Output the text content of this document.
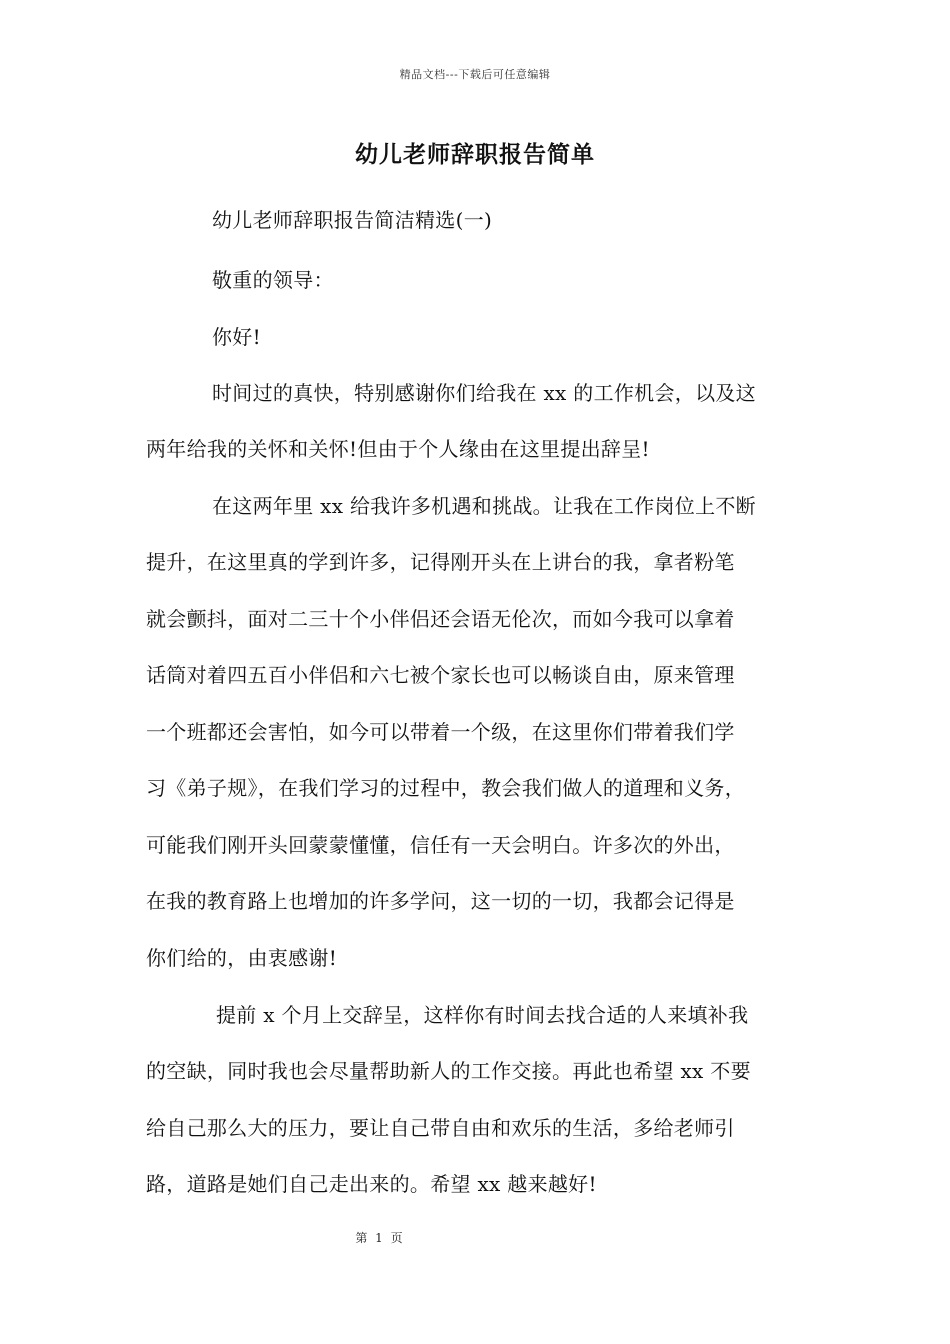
精品文档---下载后可任意编辑
幼儿老师辞职报告简单
幼儿老师辞职报告简洁精选(一)
敬重的领导：
你好!
时间过的真快，特别感谢你们给我在 xx 的工作机会，以及这
两年给我的关怀和关怀!但由于个人缘由在这里提出辞呈!
在这两年里 xx 给我许多机遇和挑战。让我在工作岗位上不断
提升，在这里真的学到许多，记得刚开头在上讲台的我，拿者粉笔
就会颤抖，面对二三十个小伴侣还会语无伦次，而如今我可以拿着
话筒对着四五百小伴侣和六七被个家长也可以畅谈自由，原来管理
一个班都还会害怕，如今可以带着一个级，在这里你们带着我们学
习《弟子规》，在我们学习的过程中，教会我们做人的道理和义务，
可能我们刚开头回蒙蒙懂懂，信任有一天会明白。许多次的外出，
在我的教育路上也增加的许多学问，这一切的一切，我都会记得是
你们给的，由衷感谢!
提前 x 个月上交辞呈，这样你有时间去找合适的人来填补我
的空缺，同时我也会尽量帮助新人的工作交接。再此也希望 xx 不要
给自己那么大的压力，要让自己带自由和欢乐的生活，多给老师引
路，道路是她们自己走出来的。希望 xx 越来越好!
第 1 页
